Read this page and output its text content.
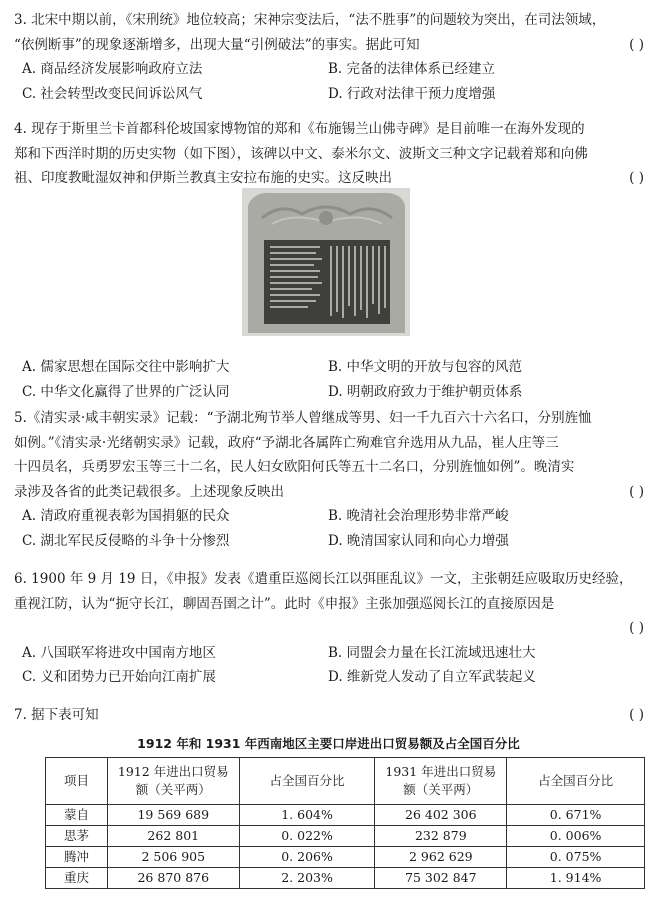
3. 北宋中期以前，《宋刑统》地位较高；宋神宗变法后，“法不胜事”的问题较为突出，在司法领域，
“依例断事”的现象逐渐增多，出现大量“引例破法”的事实。据此可知	( )
A. 商品经济发展影响政府立法	B. 完备的法律体系已经建立
C. 社会转型改变民间诉讼风气	D. 行政对法律干预力度增强
4. 现存于斯里兰卡首都科伦坡国家博物馆的郑和《布施锡兰山佛寺碑》是目前唯一在海外发现的
郑和下西洋时期的历史实物（如下图），该碑以中文、泰米尔文、波斯文三种文字记载着郑和向佛
祖、印度教毗湿奴神和伊斯兰教真主安拉布施的史实。这反映出	( )
A. 儒家思想在国际交往中影响扩大	B. 中华文明的开放与包容的风范
C. 中华文化赢得了世界的广泛认同	D. 明朝政府致力于维护朝贡体系
5.《清实录·咸丰朝实录》记载：“予湖北殉节举人曾继成等男、妇一千九百六十六名口，分别旌恤
如例。”《清实录·光绪朝实录》记载，政府“予湖北各属阵亡殉难官弁选用从九品，崔人庄等三
十四员名，兵勇罗宏玉等三十二名，民人妇女欧阳何氏等五十二名口，分别旌恤如例”。晚清实
录涉及各省的此类记载很多。上述现象反映出	( )
A. 清政府重视表彰为国捐躯的民众	B. 晚清社会治理形势非常严峻
C. 湖北军民反侵略的斗争十分惨烈	D. 晚清国家认同和向心力增强
6. 1900 年 9 月 19 日，《申报》发表《遣重臣巡阅长江以弭匪乱议》一文，主张朝廷应吸取历史经验，
重视江防，认为“扼守长江，聊固吾圉之计”。此时《申报》主张加强巡阅长江的直接原因是
( )
A. 八国联军将进攻中国南方地区	B. 同盟会力量在长江流域迅速壮大
C. 义和团势力已开始向江南扩展	D. 维新党人发动了自立军武装起义
7. 据下表可知	( )
1912 年和 1931 年西南地区主要口岸进出口贸易额及占全国百分比
项目	1912 年进出口贸易额（关平两）	占全国百分比	1931 年进出口贸易额（关平两）	占全国百分比
蒙自	19 569 689	1. 604%	26 402 306	0. 671%
思茅	262 801	0. 022%	232 879	0. 006%
腾冲	2 506 905	0. 206%	2 962 629	0. 075%
重庆	26 870 876	2. 203%	75 302 847	1. 914%
